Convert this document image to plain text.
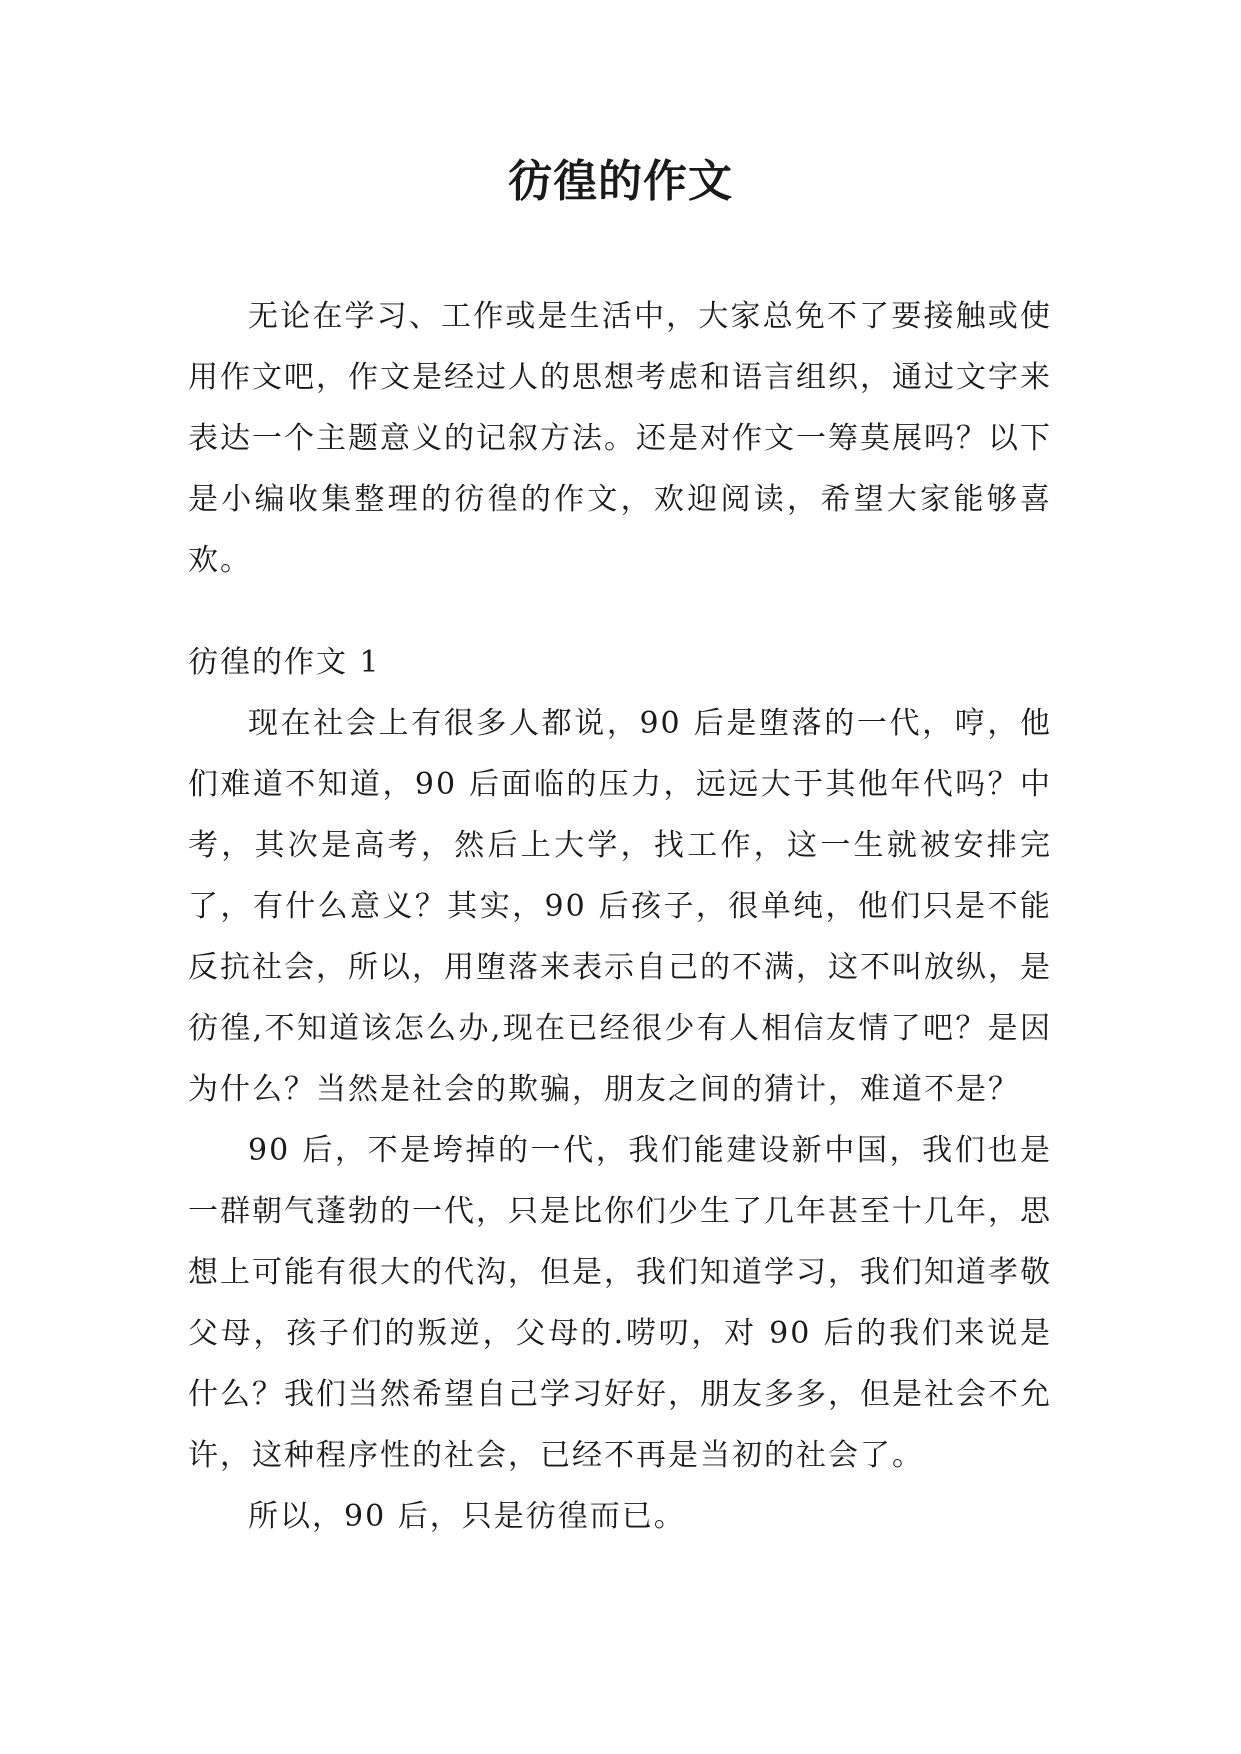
彷徨的作文

无论在学习、工作或是生活中，大家总免不了要接触或使用作文吧，作文是经过人的思想考虑和语言组织，通过文字来表达一个主题意义的记叙方法。还是对作文一筹莫展吗？以下是小编收集整理的彷徨的作文，欢迎阅读，希望大家能够喜欢。

彷徨的作文 1

现在社会上有很多人都说，90 后是堕落的一代，哼，他们难道不知道，90 后面临的压力，远远大于其他年代吗？中考，其次是高考，然后上大学，找工作，这一生就被安排完了，有什么意义？其实，90 后孩子，很单纯，他们只是不能反抗社会，所以，用堕落来表示自己的不满，这不叫放纵，是彷徨,不知道该怎么办,现在已经很少有人相信友情了吧？是因为什么？当然是社会的欺骗，朋友之间的猜计，难道不是？

90 后，不是垮掉的一代，我们能建设新中国，我们也是一群朝气蓬勃的一代，只是比你们少生了几年甚至十几年，思想上可能有很大的代沟，但是，我们知道学习，我们知道孝敬父母，孩子们的叛逆，父母的.唠叨，对 90 后的我们来说是什么？我们当然希望自己学习好好，朋友多多，但是社会不允许，这种程序性的社会，已经不再是当初的社会了。

所以，90 后，只是彷徨而已。
